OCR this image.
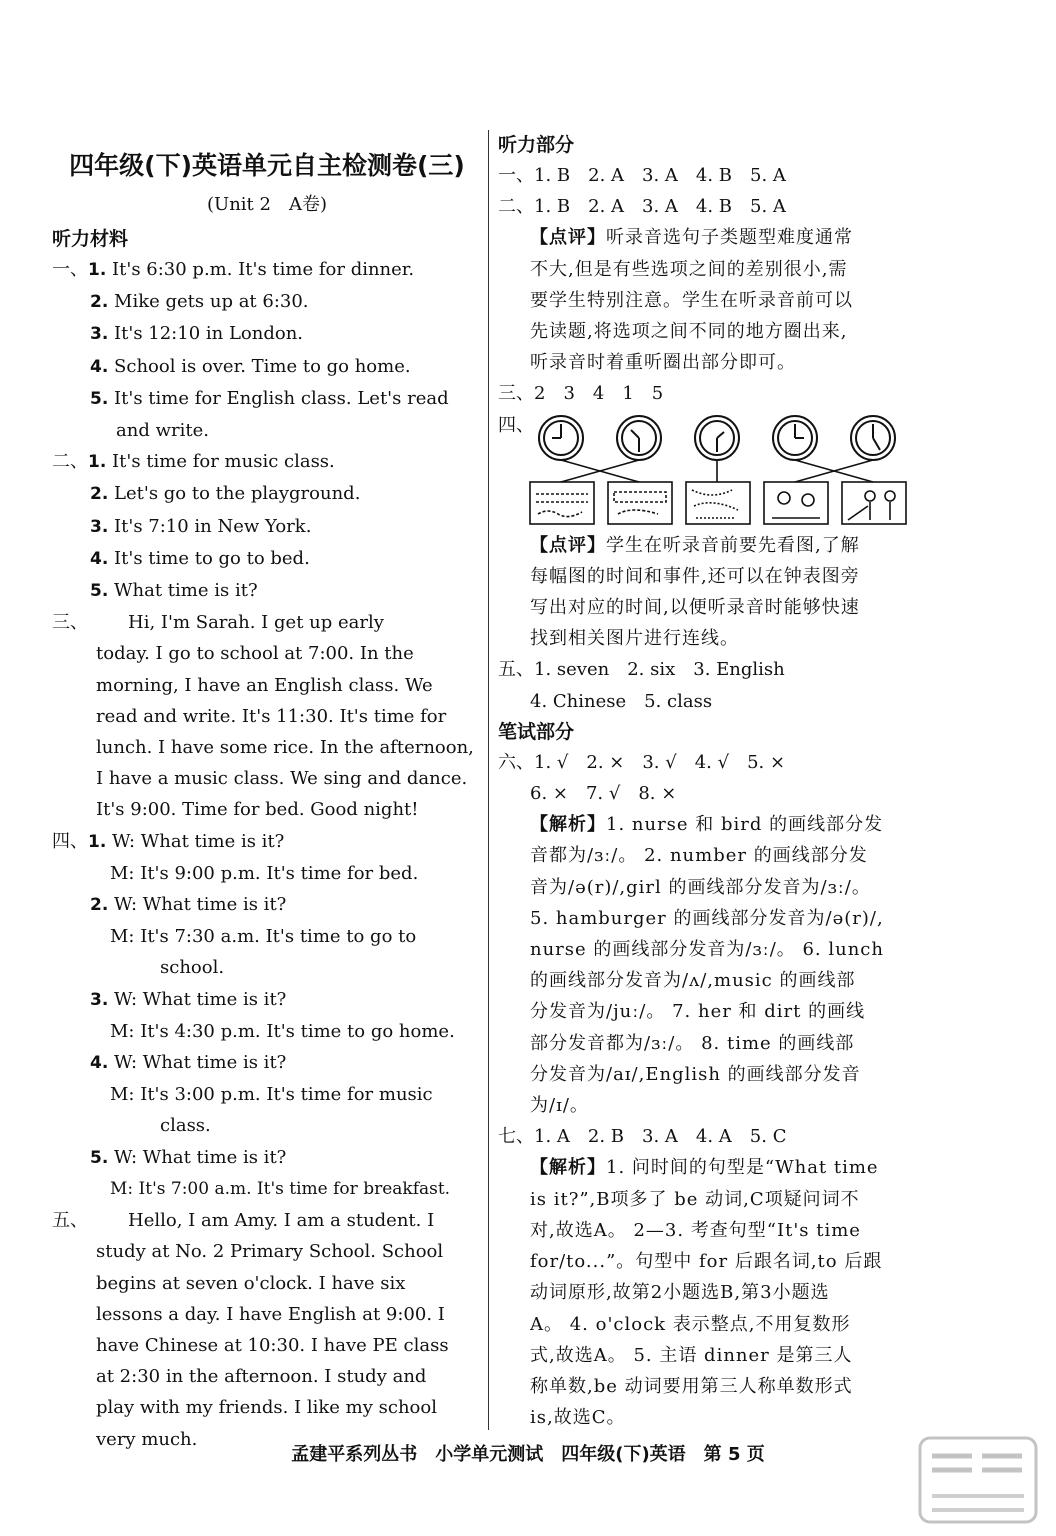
四年级(下)英语单元自主检测卷(三)
(Unit 2　A卷)
听力材料
一、1. It's 6:30 p.m. It's time for dinner.
2. Mike gets up at 6:30.
3. It's 12:10 in London.
4. School is over. Time to go home.
5. It's time for English class. Let's read
and write.
二、1. It's time for music class.
2. Let's go to the playground.
3. It's 7:10 in New York.
4. It's time to go to bed.
5. What time is it?
三、 Hi, I'm Sarah. I get up early
today. I go to school at 7:00. In the
morning, I have an English class. We
read and write. It's 11:30. It's time for
lunch. I have some rice. In the afternoon,
I have a music class. We sing and dance.
It's 9:00. Time for bed. Good night!
四、1. W: What time is it?
M: It's 9:00 p.m. It's time for bed.
2. W: What time is it?
M: It's 7:30 a.m. It's time to go to
school.
3. W: What time is it?
M: It's 4:30 p.m. It's time to go home.
4. W: What time is it?
M: It's 3:00 p.m. It's time for music
class.
5. W: What time is it?
M: It's 7:00 a.m. It's time for breakfast.
五、 Hello, I am Amy. I am a student. I
study at No. 2 Primary School. School
begins at seven o'clock. I have six
lessons a day. I have English at 9:00. I
have Chinese at 10:30. I have PE class
at 2:30 in the afternoon. I study and
play with my friends. I like my school
very much.
听力部分
一、1. B　2. A　3. A　4. B　5. A
二、1. B　2. A　3. A　4. B　5. A
【点评】听录音选句子类题型难度通常
不大,但是有些选项之间的差别很小,需
要学生特别注意。学生在听录音前可以
先读题,将选项之间不同的地方圈出来,
听录音时着重听圈出部分即可。
三、2　3　4　1　5
四、
【点评】学生在听录音前要先看图,了解
每幅图的时间和事件,还可以在钟表图旁
写出对应的时间,以便听录音时能够快速
找到相关图片进行连线。
五、1. seven　2. six　3. English
4. Chinese　5. class
笔试部分
六、1. √　2. ×　3. √　4. √　5. ×
6. ×　7. √　8. ×
【解析】1. nurse 和 bird 的画线部分发
音都为/ɜː/。 2. number 的画线部分发
音为/ə(r)/,girl 的画线部分发音为/ɜː/。
5. hamburger 的画线部分发音为/ə(r)/,
nurse 的画线部分发音为/ɜː/。 6. lunch
的画线部分发音为/ʌ/,music 的画线部
分发音为/juː/。 7. her 和 dirt 的画线
部分发音都为/ɜː/。 8. time 的画线部
分发音为/aɪ/,English 的画线部分发音
为/ɪ/。
七、1. A　2. B　3. A　4. A　5. C
【解析】1. 问时间的句型是“What time
is it?”,B项多了 be 动词,C项疑问词不
对,故选A。 2—3. 考查句型“It's time
for/to...”。句型中 for 后跟名词,to 后跟
动词原形,故第2小题选B,第3小题选
A。 4. o'clock 表示整点,不用复数形
式,故选A。 5. 主语 dinner 是第三人
称单数,be 动词要用第三人称单数形式
is,故选C。
孟建平系列丛书　小学单元测试　四年级(下)英语　第 5 页
